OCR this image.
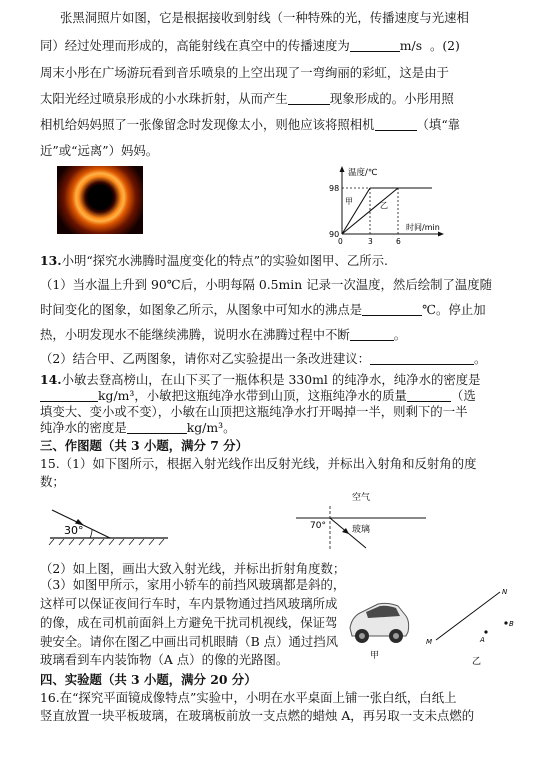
张黑洞照片如图，它是根据接收到射线（一种特殊的光，传播速度与光速相
同）经过处理而形成的，高能射线在真空中的传播速度为	m/s 。(2)
周末小彤在广场游玩看到音乐喷泉的上空出现了一弯绚丽的彩虹，这是由于
太阳光经过喷泉形成的小水珠折射，从而产生	现象形成的。小彤用照
相机给妈妈照了一张像留念时发现像太小，则他应该将照相机	（填“靠
近”或“远离”）妈妈。
温度/℃
时间/min
98
90
0	3	6
甲	乙
13.小明“探究水沸腾时温度变化的特点”的实验如图甲、乙所示.
（1）当水温上升到 90℃后，小明每隔 0.5min 记录一次温度，然后绘制了温度随
时间变化的图象，如图象乙所示，从图象中可知水的沸点是	℃。停止加
热，小明发现水不能继续沸腾，说明水在沸腾过程中不断	。
（2）结合甲、乙两图象，请你对乙实验提出一条改进建议：	。
14.小敏去登高榜山，在山下买了一瓶体积是 330ml 的纯净水，纯净水的密度是
kg/m³，小敏把这瓶纯净水带到山顶，这瓶纯净水的质量	（选
填变大、变小或不变），小敏在山顶把这瓶纯净水打开喝掉一半，则剩下的一半
纯净水的密度是	kg/m³。
三、作图题（共 3 小题，满分 7 分）
15.（1）如下图所示，根据入射光线作出反射光线，并标出入射角和反射角的度
数；
30°
空气
70°	玻璃
（2）如上图，画出大致入射光线，并标出折射角度数；
（3）如图甲所示，家用小轿车的前挡风玻璃都是斜的，
这样可以保证夜间行车时，车内景物通过挡风玻璃所成
的像，成在司机前面斜上方避免干扰司机视线，保证驾
驶安全。请你在图乙中画出司机眼睛（B 点）通过挡风
玻璃看到车内装饰物（A 点）的像的光路图。	甲
N
M	A
B
乙
四、实验题（共 3 小题，满分 20 分）
16.在“探究平面镜成像特点”实验中，小明在水平桌面上铺一张白纸，白纸上
竖直放置一块平板玻璃，在玻璃板前放一支点燃的蜡烛 A，再另取一支未点燃的
